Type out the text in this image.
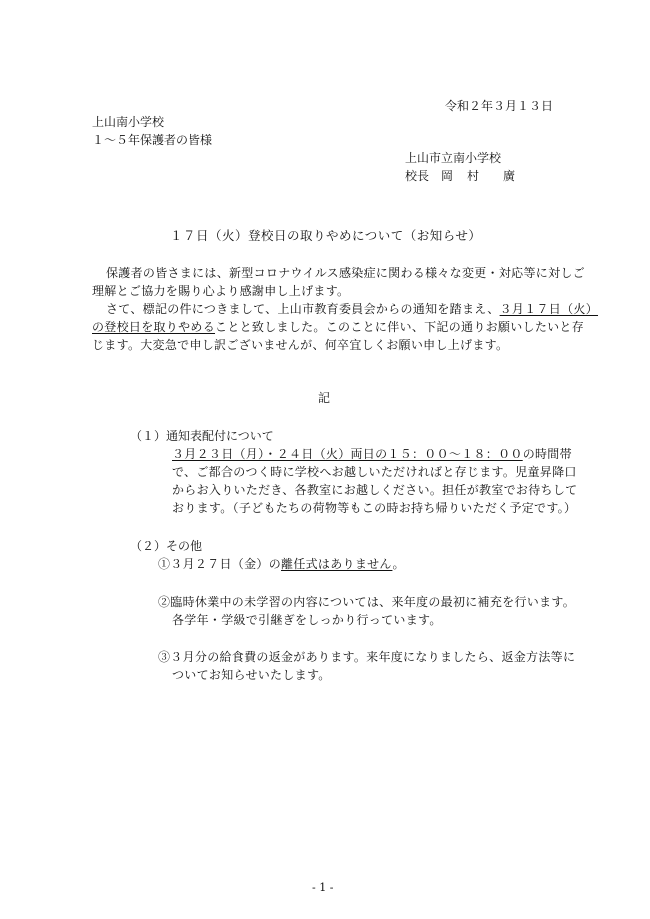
令和２年３月１３日
上山南小学校
１～５年保護者の皆様
上山市立南小学校
校長 岡 村 廣
１７日（火）登校日の取りやめについて（お知らせ）
保護者の皆さまには、新型コロナウイルス感染症に関わる様々な変更・対応等に対しご
理解とご協力を賜り心より感謝申し上げます。
さて、標記の件につきまして、上山市教育委員会からの通知を踏まえ、３月１７日（火）
の登校日を取りやめることと致しました。このことに伴い、下記の通りお願いしたいと存
じます。大変急で申し訳ございませんが、何卒宜しくお願い申し上げます。
記
（１）通知表配付について
３月２３日（月）・２４日（火）両日の１５：００～１８：００の時間帯
で、ご都合のつく時に学校へお越しいただければと存じます。児童昇降口
からお入りいただき、各教室にお越しください。担任が教室でお待ちして
おります。（子どもたちの荷物等もこの時お持ち帰りいただく予定です。）
（２）その他
①３月２７日（金）の離任式はありません。
②臨時休業中の未学習の内容については、来年度の最初に補充を行います。
各学年・学級で引継ぎをしっかり行っています。
③３月分の給食費の返金があります。来年度になりましたら、返金方法等に
ついてお知らせいたします。
- 1 -
